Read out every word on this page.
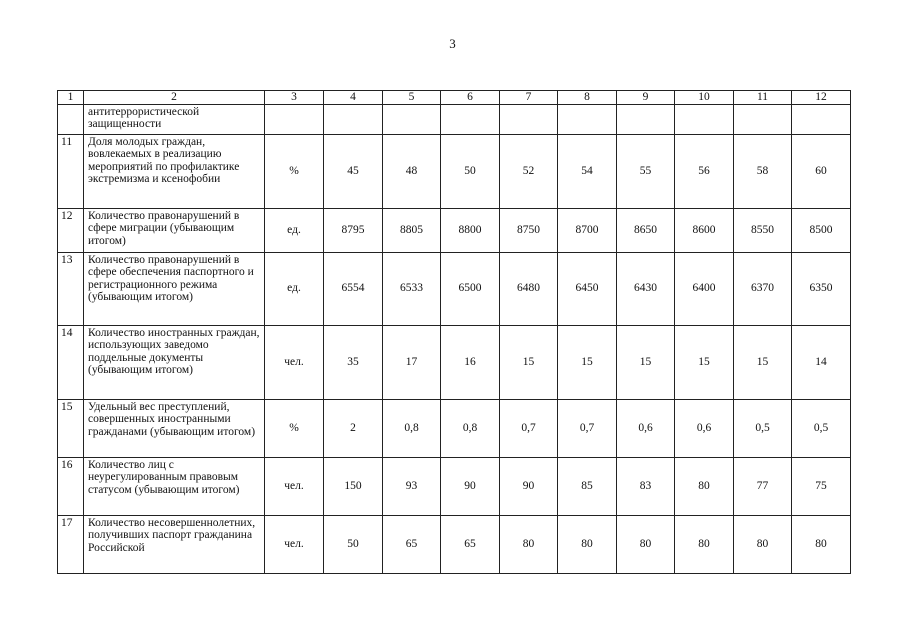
3
1	2	3	4	5	6	7	8	9	10	11	12
	антитеррористической защищенности										
11	Доля молодых граждан, вовлекаемых в реализацию мероприятий по профилактике экстремизма и ксенофобии	%	45	48	50	52	54	55	56	58	60
12	Количество правонарушений в сфере миграции (убывающим итогом)	ед.	8795	8805	8800	8750	8700	8650	8600	8550	8500
13	Количество правонарушений в сфере обеспечения паспортного и регистрационного режима (убывающим итогом)	ед.	6554	6533	6500	6480	6450	6430	6400	6370	6350
14	Количество иностранных граждан, использующих заведомо поддельные документы (убывающим итогом)	чел.	35	17	16	15	15	15	15	15	14
15	Удельный вес преступлений, совершенных иностранными гражданами (убывающим итогом)	%	2	0,8	0,8	0,7	0,7	0,6	0,6	0,5	0,5
16	Количество лиц с неурегулированным правовым статусом (убывающим итогом)	чел.	150	93	90	90	85	83	80	77	75
17	Количество несовершеннолетних, получивших паспорт гражданина Российской	чел.	50	65	65	80	80	80	80	80	80
